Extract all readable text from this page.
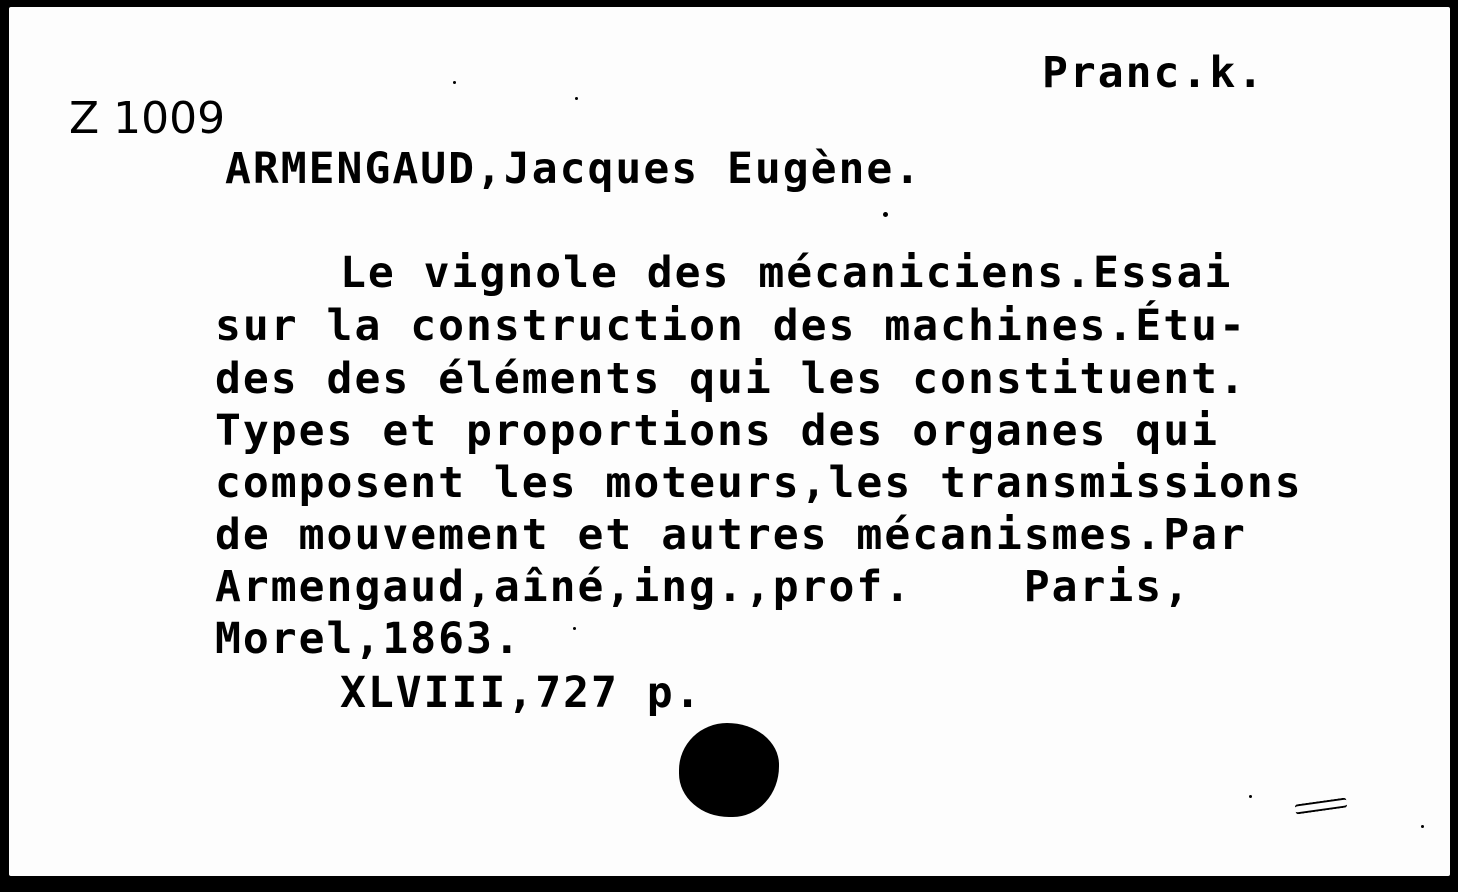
Pranc.k.

Z 1009

ARMENGAUD,Jacques Eugène.

Le vignole des mécaniciens.Essai

sur la construction des machines.Étu-

des des éléments qui les constituent.

Types et proportions des organes qui

composent les moteurs,les transmissions

de mouvement et autres mécanismes.Par

Armengaud,aîné,ing.,prof.    Paris,

Morel,1863.

XLVIII,727 p.
